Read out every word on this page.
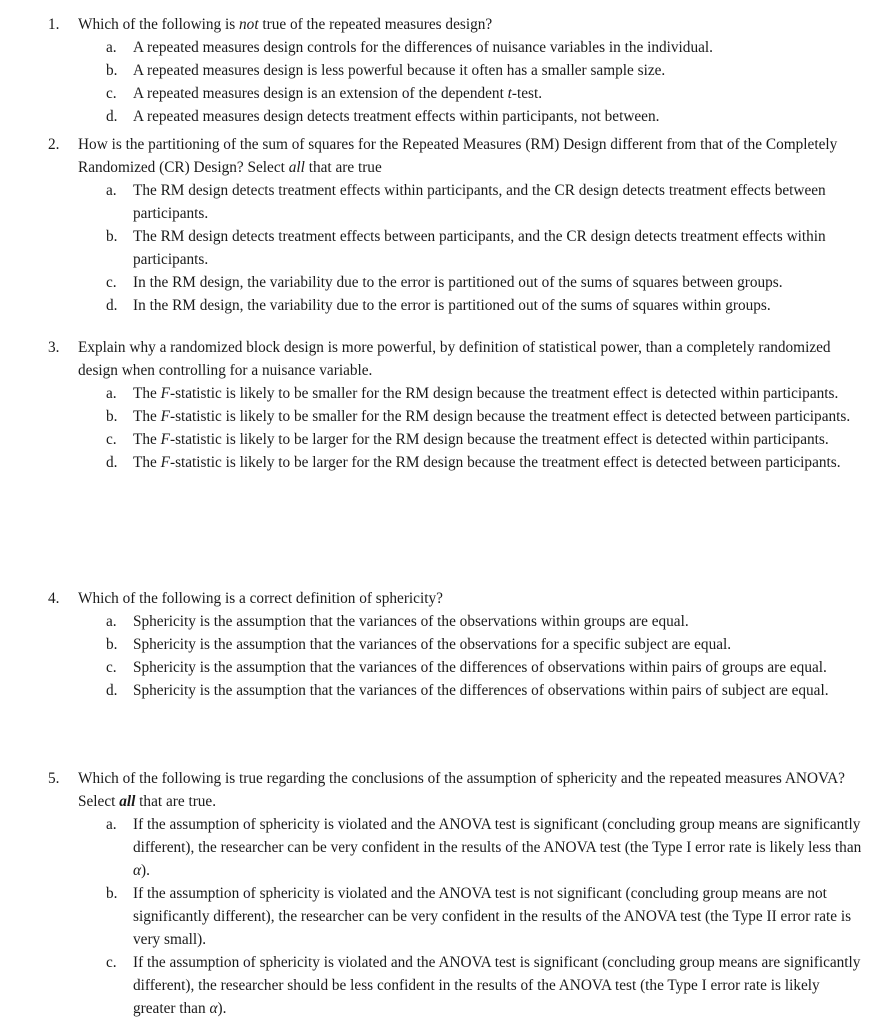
1. Which of the following is not true of the repeated measures design?
a. A repeated measures design controls for the differences of nuisance variables in the individual.
b. A repeated measures design is less powerful because it often has a smaller sample size.
c. A repeated measures design is an extension of the dependent t-test.
d. A repeated measures design detects treatment effects within participants, not between.
2. How is the partitioning of the sum of squares for the Repeated Measures (RM) Design different from that of the Completely Randomized (CR) Design? Select all that are true
a. The RM design detects treatment effects within participants, and the CR design detects treatment effects between participants.
b. The RM design detects treatment effects between participants, and the CR design detects treatment effects within participants.
c. In the RM design, the variability due to the error is partitioned out of the sums of squares between groups.
d. In the RM design, the variability due to the error is partitioned out of the sums of squares within groups.
3. Explain why a randomized block design is more powerful, by definition of statistical power, than a completely randomized design when controlling for a nuisance variable.
a. The F-statistic is likely to be smaller for the RM design because the treatment effect is detected within participants.
b. The F-statistic is likely to be smaller for the RM design because the treatment effect is detected between participants.
c. The F-statistic is likely to be larger for the RM design because the treatment effect is detected within participants.
d. The F-statistic is likely to be larger for the RM design because the treatment effect is detected between participants.
4. Which of the following is a correct definition of sphericity?
a. Sphericity is the assumption that the variances of the observations within groups are equal.
b. Sphericity is the assumption that the variances of the observations for a specific subject are equal.
c. Sphericity is the assumption that the variances of the differences of observations within pairs of groups are equal.
d. Sphericity is the assumption that the variances of the differences of observations within pairs of subject are equal.
5. Which of the following is true regarding the conclusions of the assumption of sphericity and the repeated measures ANOVA? Select all that are true.
a. If the assumption of sphericity is violated and the ANOVA test is significant (concluding group means are significantly different), the researcher can be very confident in the results of the ANOVA test (the Type I error rate is likely less than α).
b. If the assumption of sphericity is violated and the ANOVA test is not significant (concluding group means are not significantly different), the researcher can be very confident in the results of the ANOVA test (the Type II error rate is very small).
c. If the assumption of sphericity is violated and the ANOVA test is significant (concluding group means are significantly different), the researcher should be less confident in the results of the ANOVA test (the Type I error rate is likely greater than α).
